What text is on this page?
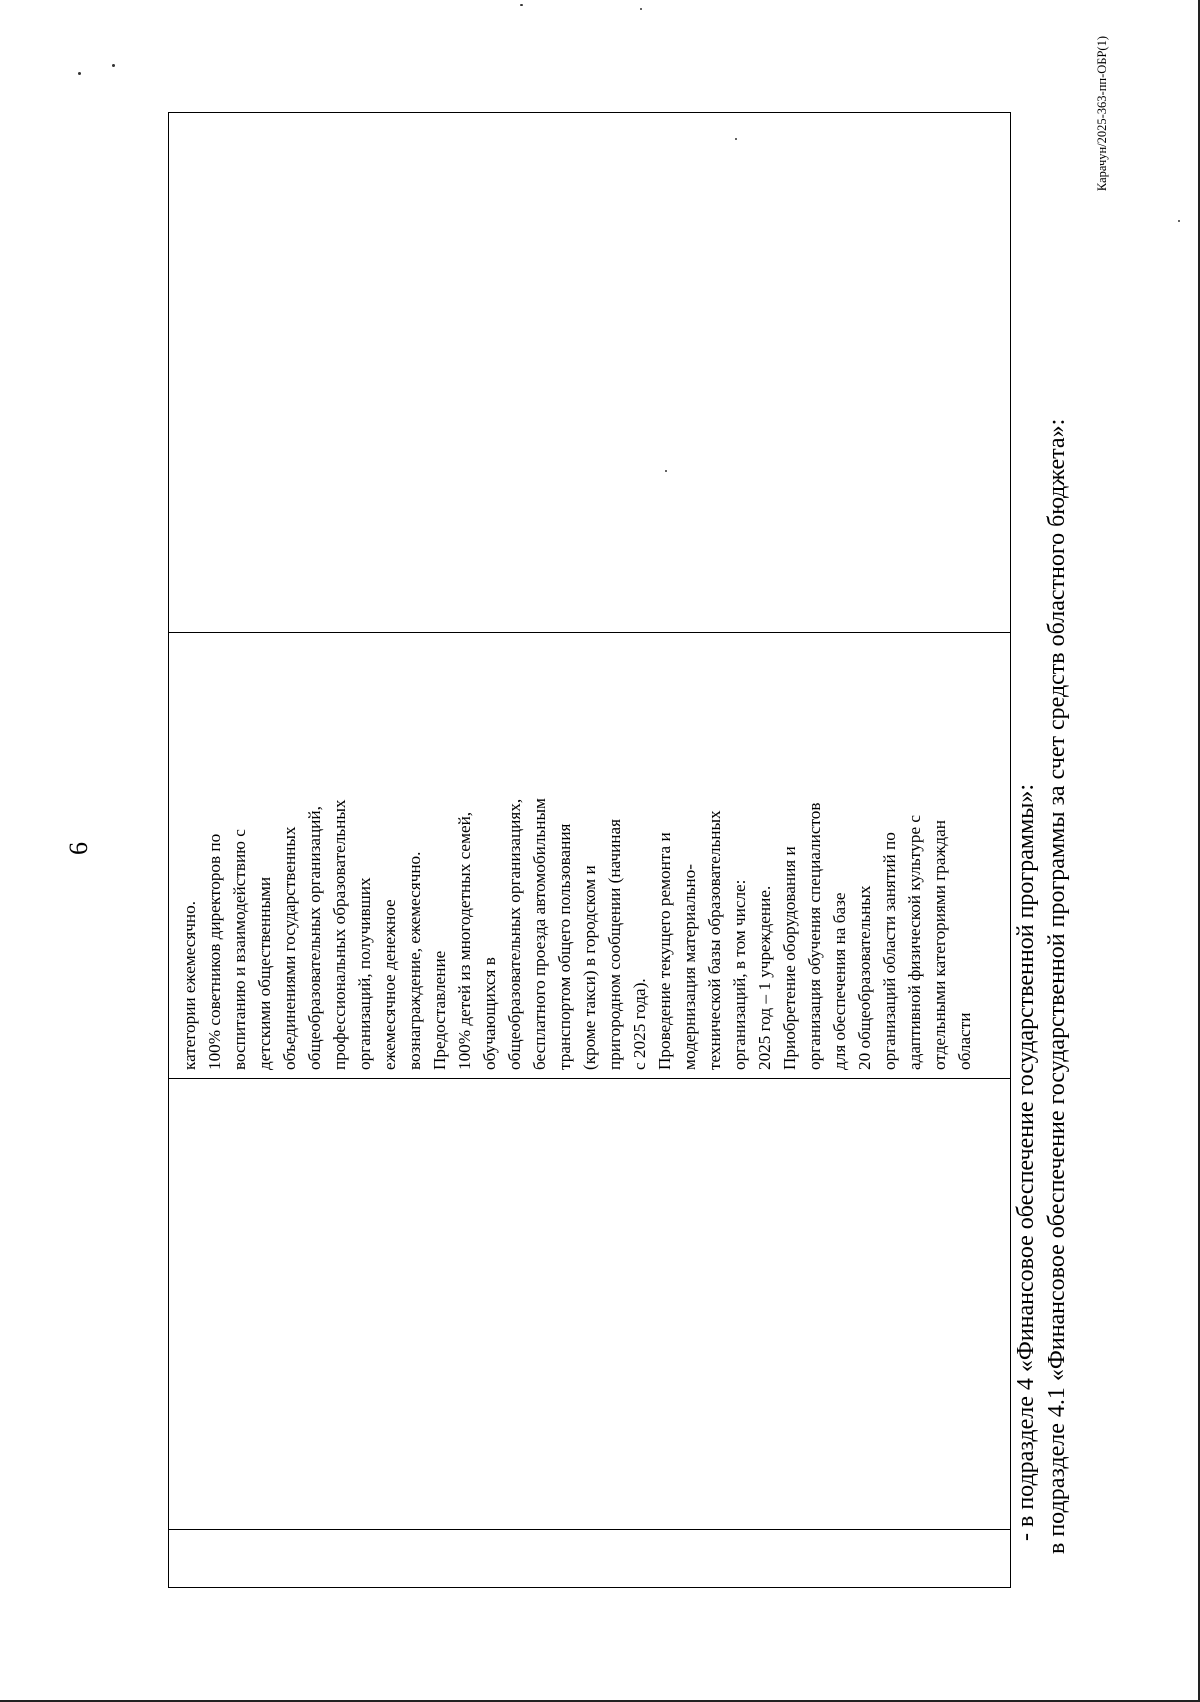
6

категории ежемесячно. 100% советников директоров по воспитанию и взаимодействию с детскими общественными объединениями государственных общеобразовательных организаций, профессиональных образовательных организаций, получивших ежемесячное денежное вознаграждение, ежемесячно. Предоставление 100% детей из многодетных семей, обучающихся в общеобразовательных организациях, бесплатного проезда автомобильным транспортом общего пользования (кроме такси) в городском и пригородном сообщении (начиная с 2025 года). Проведение текущего ремонта и модернизация материально- технической базы образовательных организаций, в том числе: 2025 год – 1 учреждение. Приобретение оборудования и организация обучения специалистов для обеспечения на базе 20 общеобразовательных организаций области занятий по адаптивной физической культуре с отдельными категориями граждан области
	- в подразделе 4 «Финансовое обеспечение государственной программы»: в подразделе 4.1 «Финансовое обеспечение государственной программы за счет средств областного бюджета»:
Карачун/2025-363-пп-ОБР(1)
